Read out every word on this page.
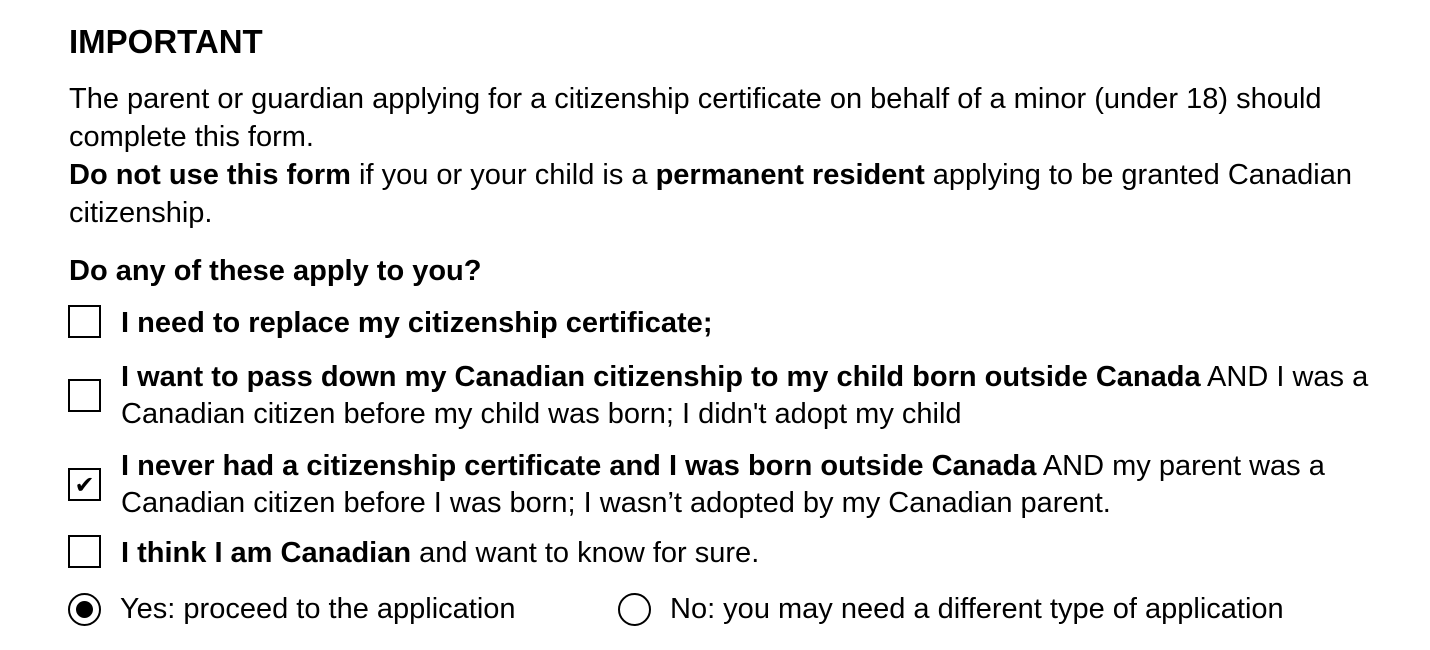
IMPORTANT

The parent or guardian applying for a citizenship certificate on behalf of a minor (under 18) should complete this form.

Do not use this form if you or your child is a permanent resident applying to be granted Canadian citizenship.

Do any of these apply to you?
I need to replace my citizenship certificate;
I want to pass down my Canadian citizenship to my child born outside Canada AND I was a Canadian citizen before my child was born; I didn't adopt my child
✔
I never had a citizenship certificate and I was born outside Canada AND my parent was a Canadian citizen before I was born; I wasn’t adopted by my Canadian parent.
I think I am Canadian and want to know for sure.
Yes: proceed to the application	No: you may need a different type of application
